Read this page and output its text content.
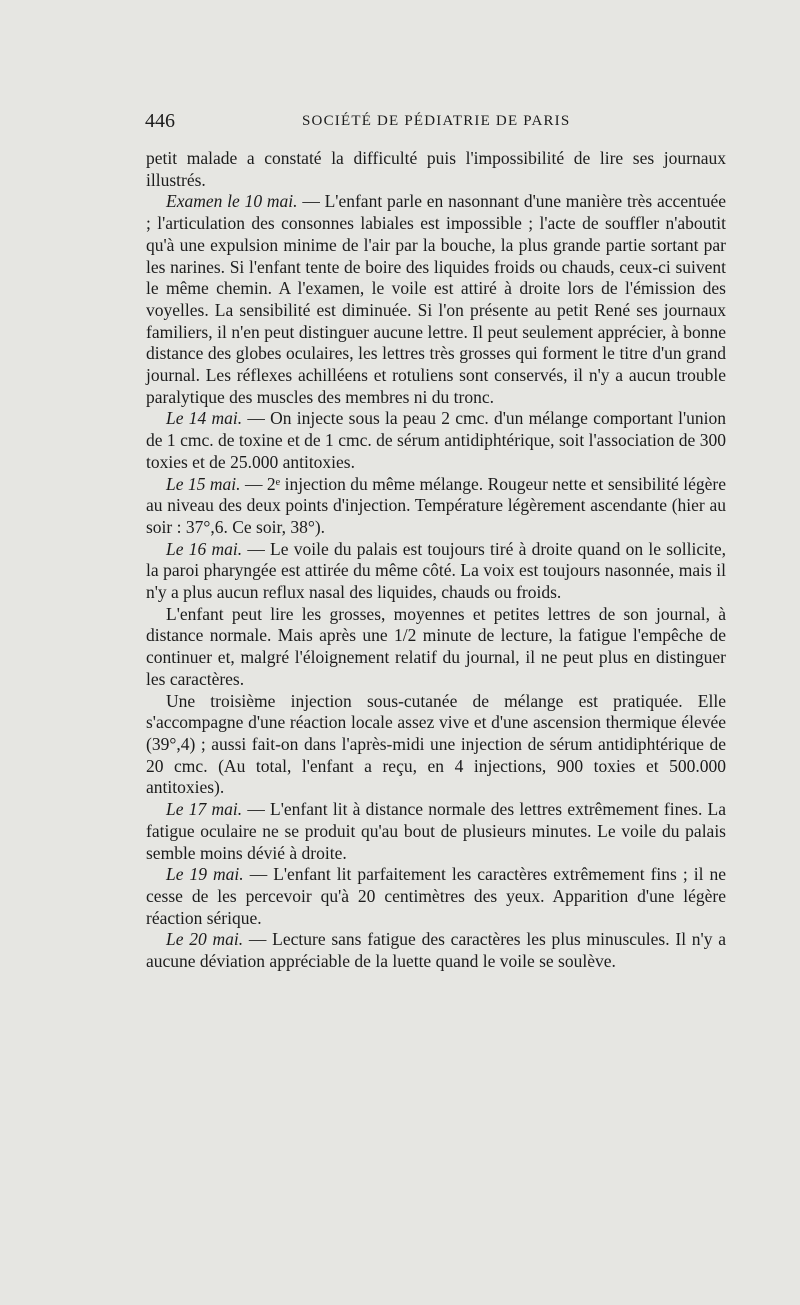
446	SOCIÉTÉ DE PÉDIATRIE DE PARIS

petit malade a constaté la difficulté puis l'impossibilité de lire ses journaux illustrés.

Examen le 10 mai. — L'enfant parle en nasonnant d'une manière très accentuée ; l'articulation des consonnes labiales est impossible ; l'acte de souffler n'aboutit qu'à une expulsion minime de l'air par la bouche, la plus grande partie sortant par les narines. Si l'enfant tente de boire des liquides froids ou chauds, ceux-ci suivent le même chemin. A l'examen, le voile est attiré à droite lors de l'émission des voyelles. La sensibilité est diminuée. Si l'on présente au petit René ses journaux familiers, il n'en peut distinguer aucune lettre. Il peut seulement apprécier, à bonne distance des globes oculaires, les lettres très grosses qui forment le titre d'un grand journal. Les réflexes achilléens et rotuliens sont conservés, il n'y a aucun trouble paralytique des muscles des membres ni du tronc.

Le 14 mai. — On injecte sous la peau 2 cmc. d'un mélange comportant l'union de 1 cmc. de toxine et de 1 cmc. de sérum antidiphtérique, soit l'association de 300 toxies et de 25.000 antitoxies.

Le 15 mai. — 2ᵉ injection du même mélange. Rougeur nette et sensibilité légère au niveau des deux points d'injection. Température légèrement ascendante (hier au soir : 37°,6. Ce soir, 38°).

Le 16 mai. — Le voile du palais est toujours tiré à droite quand on le sollicite, la paroi pharyngée est attirée du même côté. La voix est toujours nasonnée, mais il n'y a plus aucun reflux nasal des liquides, chauds ou froids.

L'enfant peut lire les grosses, moyennes et petites lettres de son journal, à distance normale. Mais après une 1/2 minute de lecture, la fatigue l'empêche de continuer et, malgré l'éloignement relatif du journal, il ne peut plus en distinguer les caractères.

Une troisième injection sous-cutanée de mélange est pratiquée. Elle s'accompagne d'une réaction locale assez vive et d'une ascension thermique élevée (39°,4) ; aussi fait-on dans l'après-midi une injection de sérum antidiphtérique de 20 cmc. (Au total, l'enfant a reçu, en 4 injections, 900 toxies et 500.000 antitoxies).

Le 17 mai. — L'enfant lit à distance normale des lettres extrêmement fines. La fatigue oculaire ne se produit qu'au bout de plusieurs minutes. Le voile du palais semble moins dévié à droite.

Le 19 mai. — L'enfant lit parfaitement les caractères extrêmement fins ; il ne cesse de les percevoir qu'à 20 centimètres des yeux. Apparition d'une légère réaction sérique.

Le 20 mai. — Lecture sans fatigue des caractères les plus minuscules. Il n'y a aucune déviation appréciable de la luette quand le voile se soulève.
